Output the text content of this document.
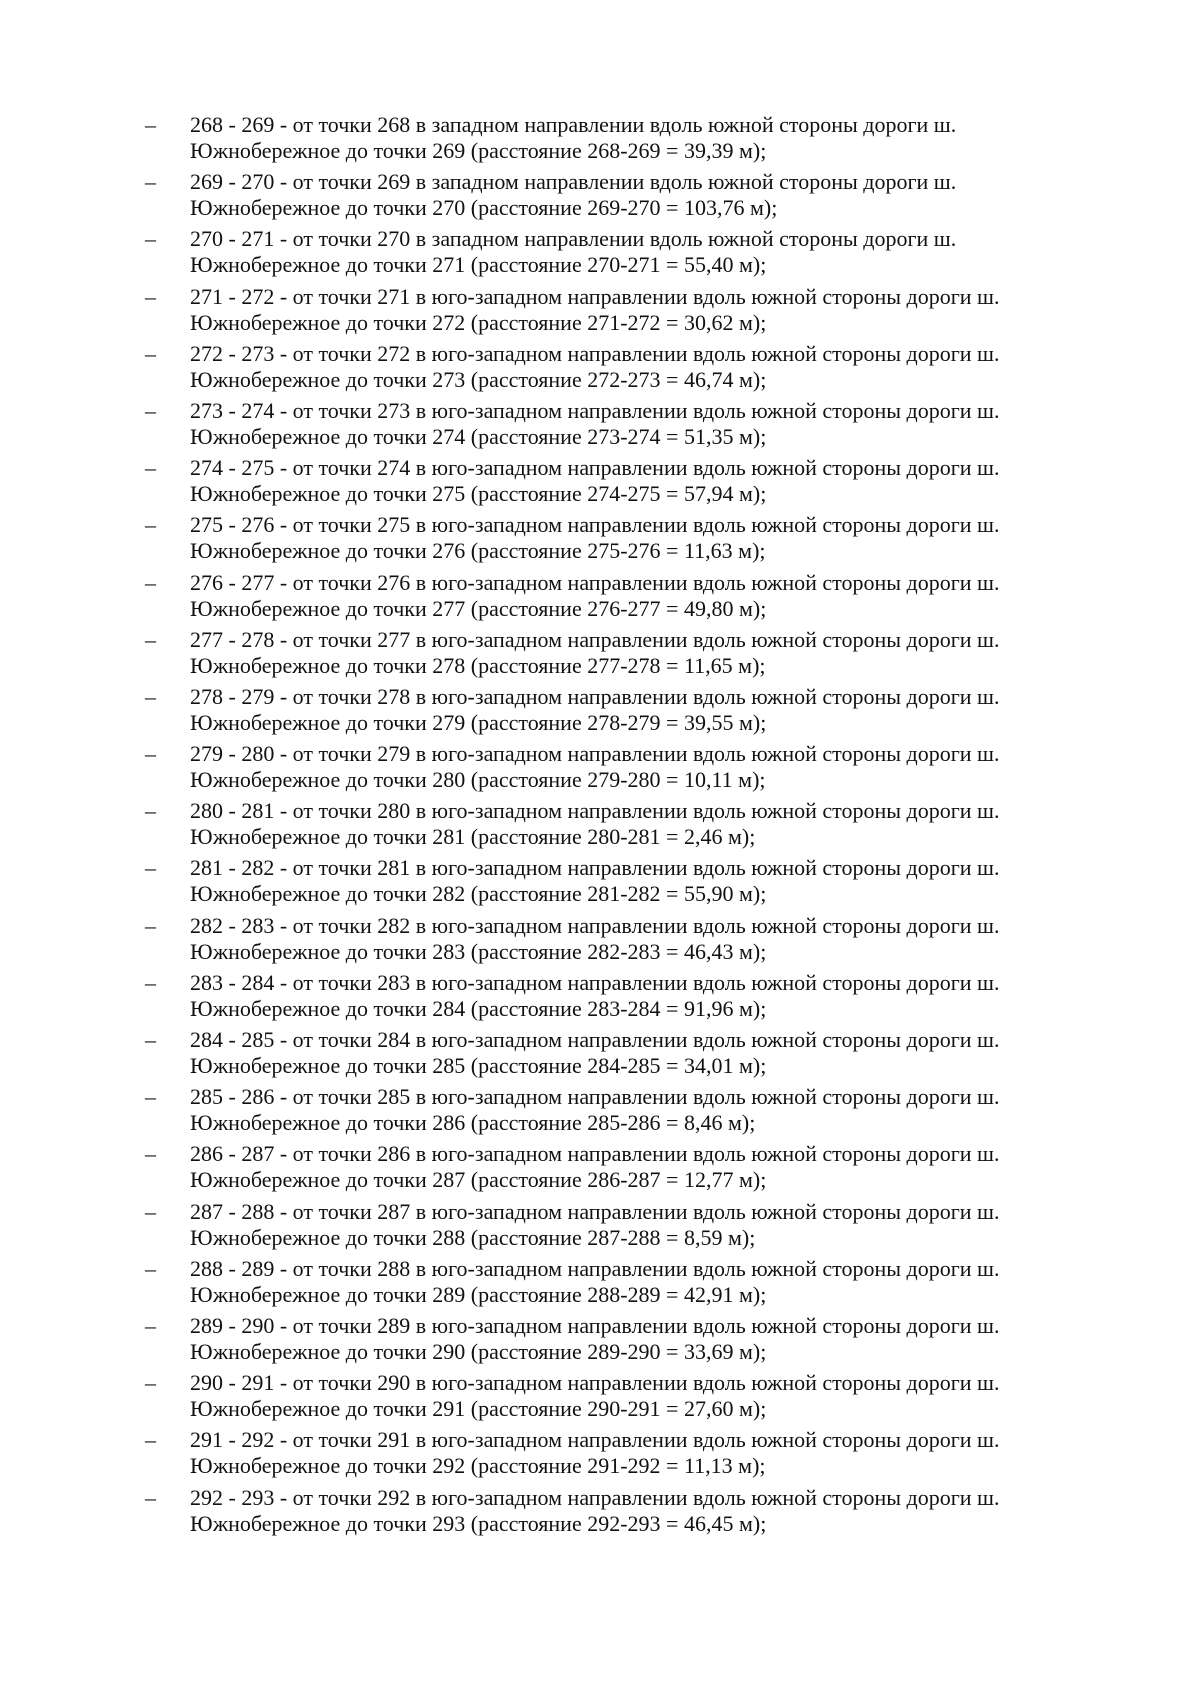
– 268 - 269 - от точки 268 в западном направлении вдоль южной стороны дороги ш.
Южнобережное до точки 269 (расстояние 268-269 = 39,39 м);
– 269 - 270 - от точки 269 в западном направлении вдоль южной стороны дороги ш.
Южнобережное до точки 270 (расстояние 269-270 = 103,76 м);
– 270 - 271 - от точки 270 в западном направлении вдоль южной стороны дороги ш.
Южнобережное до точки 271 (расстояние 270-271 = 55,40 м);
– 271 - 272 - от точки 271 в юго-западном направлении вдоль южной стороны дороги ш.
Южнобережное до точки 272 (расстояние 271-272 = 30,62 м);
– 272 - 273 - от точки 272 в юго-западном направлении вдоль южной стороны дороги ш.
Южнобережное до точки 273 (расстояние 272-273 = 46,74 м);
– 273 - 274 - от точки 273 в юго-западном направлении вдоль южной стороны дороги ш.
Южнобережное до точки 274 (расстояние 273-274 = 51,35 м);
– 274 - 275 - от точки 274 в юго-западном направлении вдоль южной стороны дороги ш.
Южнобережное до точки 275 (расстояние 274-275 = 57,94 м);
– 275 - 276 - от точки 275 в юго-западном направлении вдоль южной стороны дороги ш.
Южнобережное до точки 276 (расстояние 275-276 = 11,63 м);
– 276 - 277 - от точки 276 в юго-западном направлении вдоль южной стороны дороги ш.
Южнобережное до точки 277 (расстояние 276-277 = 49,80 м);
– 277 - 278 - от точки 277 в юго-западном направлении вдоль южной стороны дороги ш.
Южнобережное до точки 278 (расстояние 277-278 = 11,65 м);
– 278 - 279 - от точки 278 в юго-западном направлении вдоль южной стороны дороги ш.
Южнобережное до точки 279 (расстояние 278-279 = 39,55 м);
– 279 - 280 - от точки 279 в юго-западном направлении вдоль южной стороны дороги ш.
Южнобережное до точки 280 (расстояние 279-280 = 10,11 м);
– 280 - 281 - от точки 280 в юго-западном направлении вдоль южной стороны дороги ш.
Южнобережное до точки 281 (расстояние 280-281 = 2,46 м);
– 281 - 282 - от точки 281 в юго-западном направлении вдоль южной стороны дороги ш.
Южнобережное до точки 282 (расстояние 281-282 = 55,90 м);
– 282 - 283 - от точки 282 в юго-западном направлении вдоль южной стороны дороги ш.
Южнобережное до точки 283 (расстояние 282-283 = 46,43 м);
– 283 - 284 - от точки 283 в юго-западном направлении вдоль южной стороны дороги ш.
Южнобережное до точки 284 (расстояние 283-284 = 91,96 м);
– 284 - 285 - от точки 284 в юго-западном направлении вдоль южной стороны дороги ш.
Южнобережное до точки 285 (расстояние 284-285 = 34,01 м);
– 285 - 286 - от точки 285 в юго-западном направлении вдоль южной стороны дороги ш.
Южнобережное до точки 286 (расстояние 285-286 = 8,46 м);
– 286 - 287 - от точки 286 в юго-западном направлении вдоль южной стороны дороги ш.
Южнобережное до точки 287 (расстояние 286-287 = 12,77 м);
– 287 - 288 - от точки 287 в юго-западном направлении вдоль южной стороны дороги ш.
Южнобережное до точки 288 (расстояние 287-288 = 8,59 м);
– 288 - 289 - от точки 288 в юго-западном направлении вдоль южной стороны дороги ш.
Южнобережное до точки 289 (расстояние 288-289 = 42,91 м);
– 289 - 290 - от точки 289 в юго-западном направлении вдоль южной стороны дороги ш.
Южнобережное до точки 290 (расстояние 289-290 = 33,69 м);
– 290 - 291 - от точки 290 в юго-западном направлении вдоль южной стороны дороги ш.
Южнобережное до точки 291 (расстояние 290-291 = 27,60 м);
– 291 - 292 - от точки 291 в юго-западном направлении вдоль южной стороны дороги ш.
Южнобережное до точки 292 (расстояние 291-292 = 11,13 м);
– 292 - 293 - от точки 292 в юго-западном направлении вдоль южной стороны дороги ш.
Южнобережное до точки 293 (расстояние 292-293 = 46,45 м);
